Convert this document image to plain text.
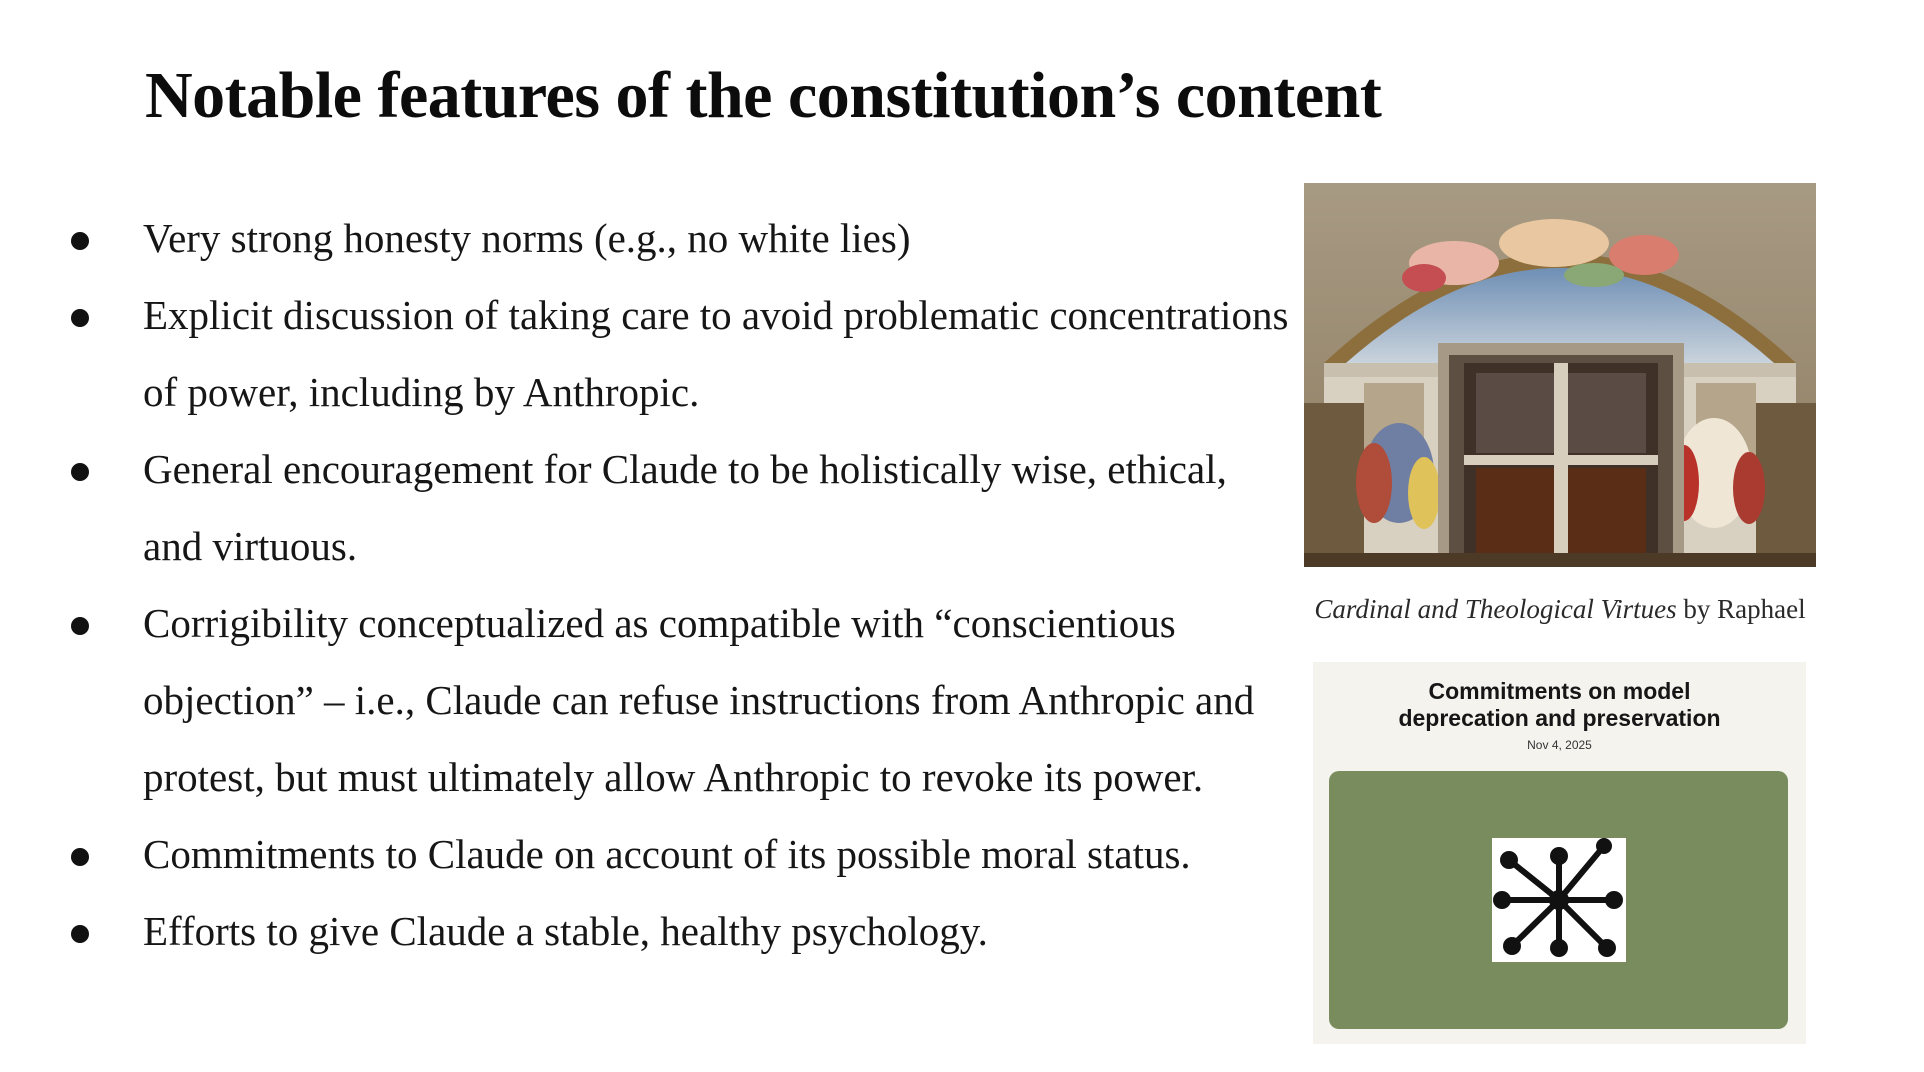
Notable features of the constitution’s content
Very strong honesty norms (e.g., no white lies)
Explicit discussion of taking care to avoid problematic concentrations of power, including by Anthropic.
General encouragement for Claude to be holistically wise, ethical, and virtuous.
Corrigibility conceptualized as compatible with “conscientious objection” – i.e., Claude can refuse instructions from Anthropic and protest, but must ultimately allow Anthropic to revoke its power.
Commitments to Claude on account of its possible moral status.
Efforts to give Claude a stable, healthy psychology.
Cardinal and Theological Virtues by Raphael
Commitments on model
deprecation and preservation
Nov 4, 2025
